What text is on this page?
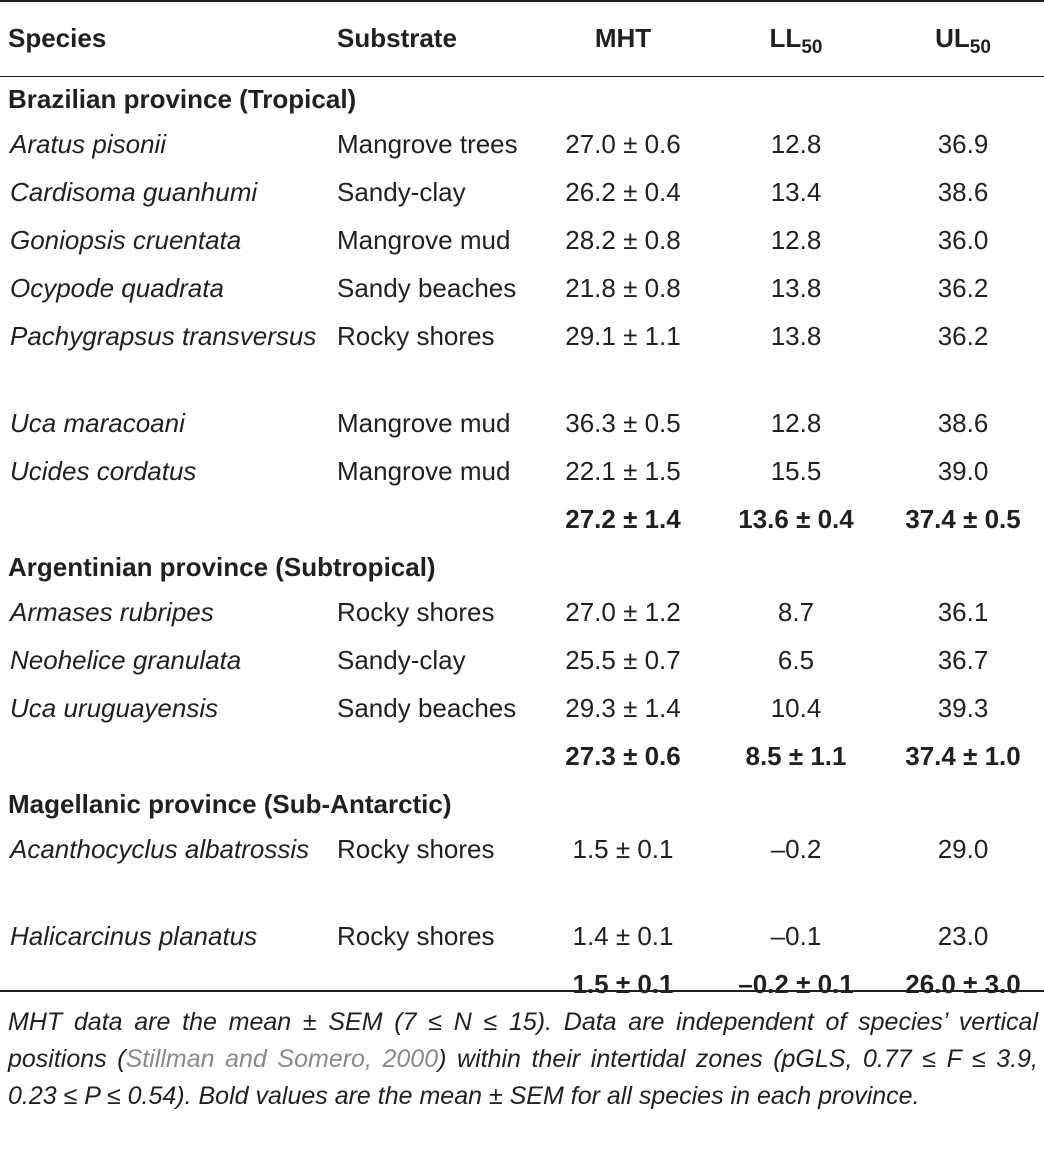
Species	Substrate	MHT	$LL_{50}$	$UL_{50}$
Brazilian province (Tropical)				
Aratus pisonii	Mangrove trees	27.0 ± 0.6	12.8	36.9
Cardisoma guanhumi	Sandy-clay	26.2 ± 0.4	13.4	38.6
Goniopsis cruentata	Mangrove mud	28.2 ± 0.8	12.8	36.0
Ocypode quadrata	Sandy beaches	21.8 ± 0.8	13.8	36.2
Pachygrapsus transversus	Rocky shores	29.1 ± 1.1	13.8	36.2
Uca maracoani	Mangrove mud	36.3 ± 0.5	12.8	38.6
Ucides cordatus	Mangrove mud	22.1 ± 1.5	15.5	39.0
		27.2 ± 1.4	13.6 ± 0.4	37.4 ± 0.5
Argentinian province (Subtropical)				
Armases rubripes	Rocky shores	27.0 ± 1.2	8.7	36.1
Neohelice granulata	Sandy-clay	25.5 ± 0.7	6.5	36.7
Uca uruguayensis	Sandy beaches	29.3 ± 1.4	10.4	39.3
		27.3 ± 0.6	8.5 ± 1.1	37.4 ± 1.0
Magellanic province (Sub-Antarctic)				
Acanthocyclus albatrossis	Rocky shores	1.5 ± 0.1	–0.2	29.0
Halicarcinus planatus	Rocky shores	1.4 ± 0.1	–0.1	23.0
		1.5 ± 0.1	–0.2 ± 0.1	26.0 ± 3.0
MHT data are the mean ± SEM (7 ≤ N ≤ 15). Data are independent of species’ vertical positions (Stillman and Somero, 2000) within their intertidal zones (pGLS, 0.77 ≤ F ≤ 3.9, 0.23 ≤ P ≤ 0.54). Bold values are the mean ± SEM for all species in each province.
